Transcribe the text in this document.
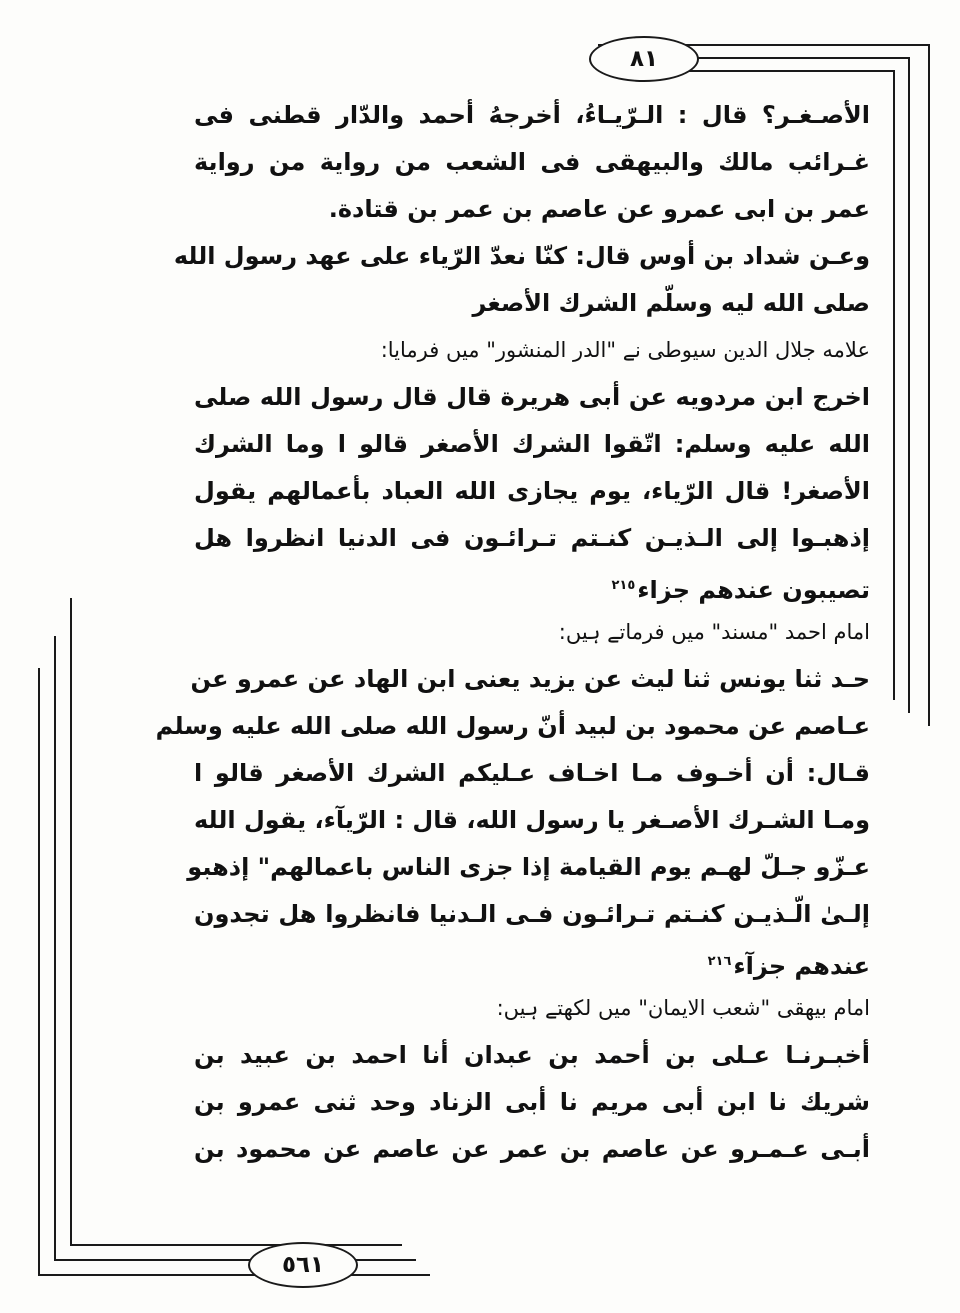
٨١
٥٦١
الأصـغـر؟ قال : الـرّيـاءُ، أخرجهُ أحمد والدّار قطنى فى
غـرائب مالك والبيهقى فى الشعب من رواية من رواية
عمر بن ابى عمرو عن عاصم بن عمر بن قتادة.
وعـن شداد بن أوس قال: كنّا نعدّ الرّياء على عهد رسول الله
صلى الله ليه وسلّم الشرك الأصغر
علامه جلال الدين سيوطى نے "الدر المنشور" ميں فرمايا:
اخرج ابن مردويه عن أبى هريرة قال قال رسول الله صلى
الله عليه وسلم: اتّقوا الشرك الأصغر قالو ا وما الشرك
الأصغر! قال الرّياء، يوم يجازى الله العباد بأعمالهم يقول
إذهبـوا إلى الـذيـن كنـتم تـرائـون فى الدنيا انظروا هل
تصيبون عندهم جزاء$^{٢١٥}$
امام احمد "مسند" ميں فرماتے ہيں:
حـد ثنا يونس ثنا ليث عن يزيد يعنى ابن الهاد عن عمرو عن
عـاصم عن محمود بن لبيد أنّ رسول الله صلى الله عليه وسلم
قـال: أن أخـوف مـا اخـاف عـليكم الشرك الأصغر قالو ا
ومـا الشـرك الأصـغر يا رسول الله، قال : الرّيآء، يقول الله
عـزّو جـلّ لهـم يوم القيامة إذا جزى الناس باعمالهم" إذهبو
إلـىٰ الّـذيـن كنـتم تـرائـون فـى الـدنيا فانظروا هل تجدون
عندهم جزآء$^{٢١٦}$
امام بيهقى "شعب الايمان" ميں لکھتے ہيں:
أخبـرنـا عـلى بن أحمد بن عبدان أنا احمد بن عبيد بن
شريك نا ابن أبى مريم نا أبى الزناد وحد ثنى عمرو بن
أبـى عـمـرو عن عاصم بن عمر عن عاصم عن محمود بن
